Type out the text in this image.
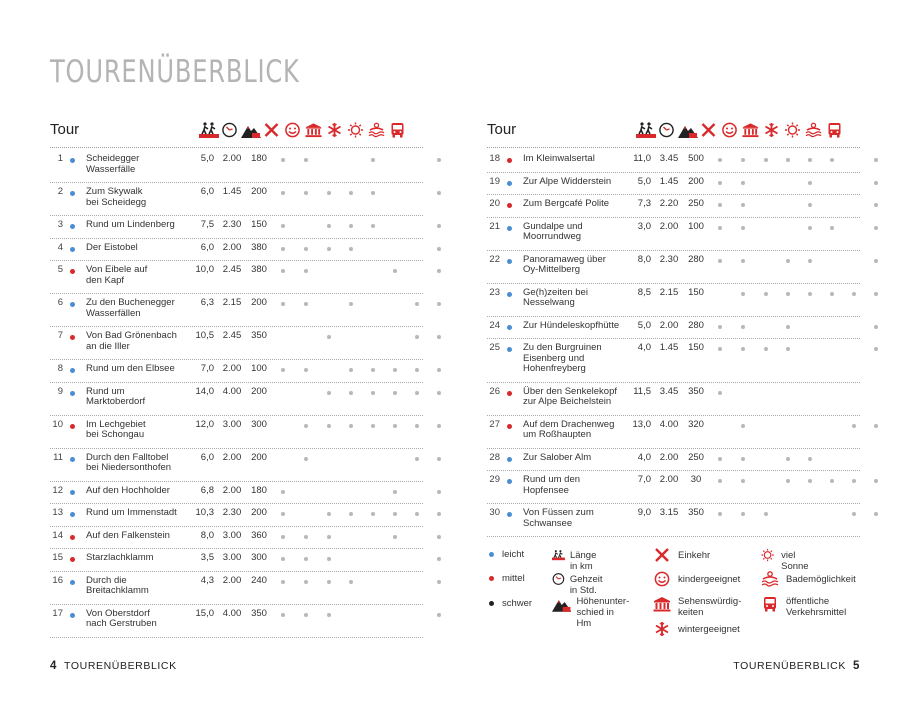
TOURENÜBERBLICK
Tour
1 Scheidegger
Wasserfälle
5,0 2.00	180
2 Zum Skywalk
bei Scheidegg
6,0 1.45	200
3 Rund um Lindenberg	7,5 2.30	150
4 Der Eistobel	6,0 2.00	380
5 Von Eibele auf
den Kapf
10,0 2.45	380
6 Zu den Buchenegger
Wasserfällen
6,3 2.15	200
7 Von Bad Grönenbach
an die Iller
10,5 2.45	350
8 Rund um den Elbsee	7,0 2.00	100
9 Rund um
Marktoberdorf
14,0 4.00	200
10 Im Lechgebiet
bei Schongau
12,0 3.00	300
11 Durch den Falltobel
bei Niedersonthofen
6,0 2.00	200
12 Auf den Hochholder	6,8 2.00	180
13 Rund um Immenstadt	10,3 2.30	200
14 Auf den Falkenstein	8,0 3.00	360
15 Starzlachklamm	3,5 3.00	300
16 Durch die
Breitachklamm
4,3 2.00	240
17 Von Oberstdorf
nach Gerstruben
15,0 4.00	350
Tour
18 Im Kleinwalsertal	11,0 3.45	500
19 Zur Alpe Widderstein	5,0 1.45	200
20 Zum Bergcafé Polite	7,3 2.20	250
21 Gundalpe und
Moorrundweg
3,0 2.00	100
22 Panoramaweg über
Oy-Mittelberg
8,0 2.30	280
23 Ge(h)zeiten bei
Nesselwang
8,5 2.15	150
24 Zur Hündeleskopfhütte	5,0 2.00	280
25 Zu den Burgruinen
Eisenberg und
Hohenfreyberg
4,0 1.45	150
26 Über den Senkelekopf
zur Alpe Beichelstein
11,5 3.45	350
27 Auf dem Drachenweg
um Roßhaupten
13,0 4.00	320
28 Zur Salober Alm	4,0 2.00	250
29 Rund um den
Hopfensee
7,0 2.00	30
30 Von Füssen zum
Schwansee
9,0 3.15	350
leicht
mittel
schwer
Länge in km
Gehzeit in Std.
Höhenunter-
schied in Hm
Einkehr
kindergeeignet
Sehenswürdig-
keiten
wintergeeignet
viel Sonne
Bademöglichkeit
öffentliche
Verkehrsmittel
4 TOURENÜBERBLICK	TOURENÜBERBLICK 5
